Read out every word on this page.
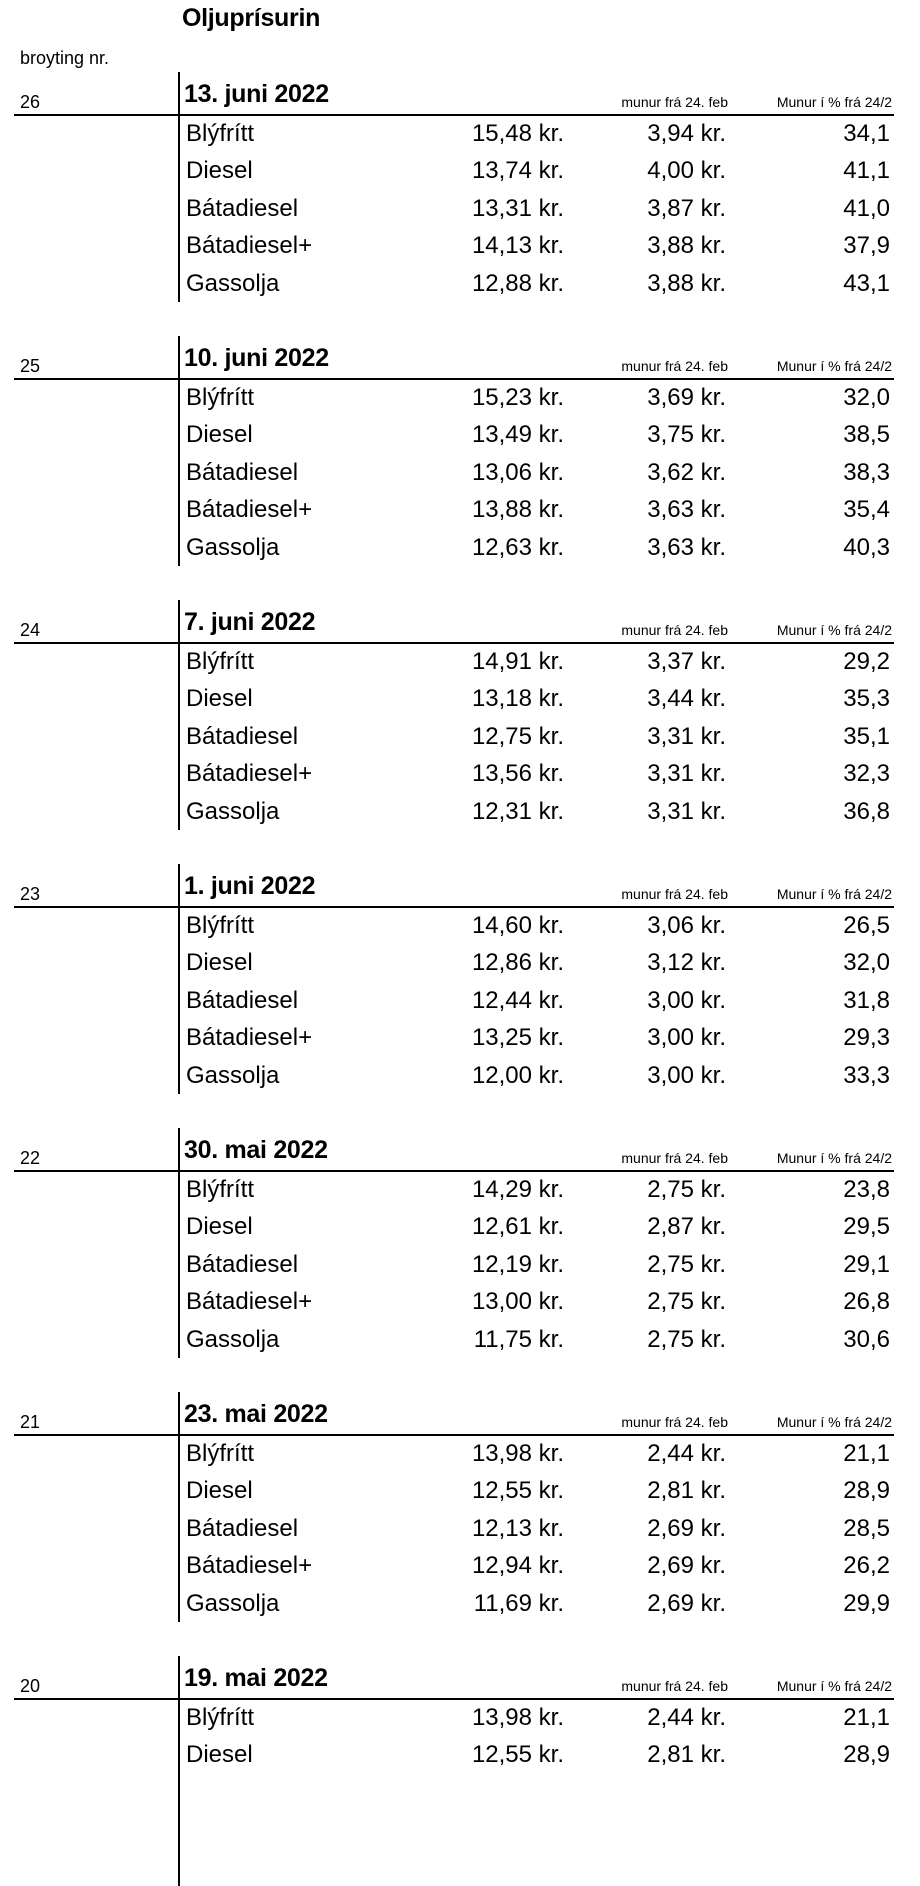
Oljuprísurin
broyting nr.
26	13. juni 2022	munur frá 24. feb	Munur í % frá 24/2
Blýfrítt	15,48 kr.	3,94 kr.	34,1
Diesel	13,74 kr.	4,00 kr.	41,1
Bátadiesel	13,31 kr.	3,87 kr.	41,0
Bátadiesel+	14,13 kr.	3,88 kr.	37,9
Gassolja	12,88 kr.	3,88 kr.	43,1
25	10. juni 2022	munur frá 24. feb	Munur í % frá 24/2
Blýfrítt	15,23 kr.	3,69 kr.	32,0
Diesel	13,49 kr.	3,75 kr.	38,5
Bátadiesel	13,06 kr.	3,62 kr.	38,3
Bátadiesel+	13,88 kr.	3,63 kr.	35,4
Gassolja	12,63 kr.	3,63 kr.	40,3
24	7. juni 2022	munur frá 24. feb	Munur í % frá 24/2
Blýfrítt	14,91 kr.	3,37 kr.	29,2
Diesel	13,18 kr.	3,44 kr.	35,3
Bátadiesel	12,75 kr.	3,31 kr.	35,1
Bátadiesel+	13,56 kr.	3,31 kr.	32,3
Gassolja	12,31 kr.	3,31 kr.	36,8
23	1. juni 2022	munur frá 24. feb	Munur í % frá 24/2
Blýfrítt	14,60 kr.	3,06 kr.	26,5
Diesel	12,86 kr.	3,12 kr.	32,0
Bátadiesel	12,44 kr.	3,00 kr.	31,8
Bátadiesel+	13,25 kr.	3,00 kr.	29,3
Gassolja	12,00 kr.	3,00 kr.	33,3
22	30. mai 2022	munur frá 24. feb	Munur í % frá 24/2
Blýfrítt	14,29 kr.	2,75 kr.	23,8
Diesel	12,61 kr.	2,87 kr.	29,5
Bátadiesel	12,19 kr.	2,75 kr.	29,1
Bátadiesel+	13,00 kr.	2,75 kr.	26,8
Gassolja	11,75 kr.	2,75 kr.	30,6
21	23. mai 2022	munur frá 24. feb	Munur í % frá 24/2
Blýfrítt	13,98 kr.	2,44 kr.	21,1
Diesel	12,55 kr.	2,81 kr.	28,9
Bátadiesel	12,13 kr.	2,69 kr.	28,5
Bátadiesel+	12,94 kr.	2,69 kr.	26,2
Gassolja	11,69 kr.	2,69 kr.	29,9
20	19. mai 2022	munur frá 24. feb	Munur í % frá 24/2
Blýfrítt	13,98 kr.	2,44 kr.	21,1
Diesel	12,55 kr.	2,81 kr.	28,9
